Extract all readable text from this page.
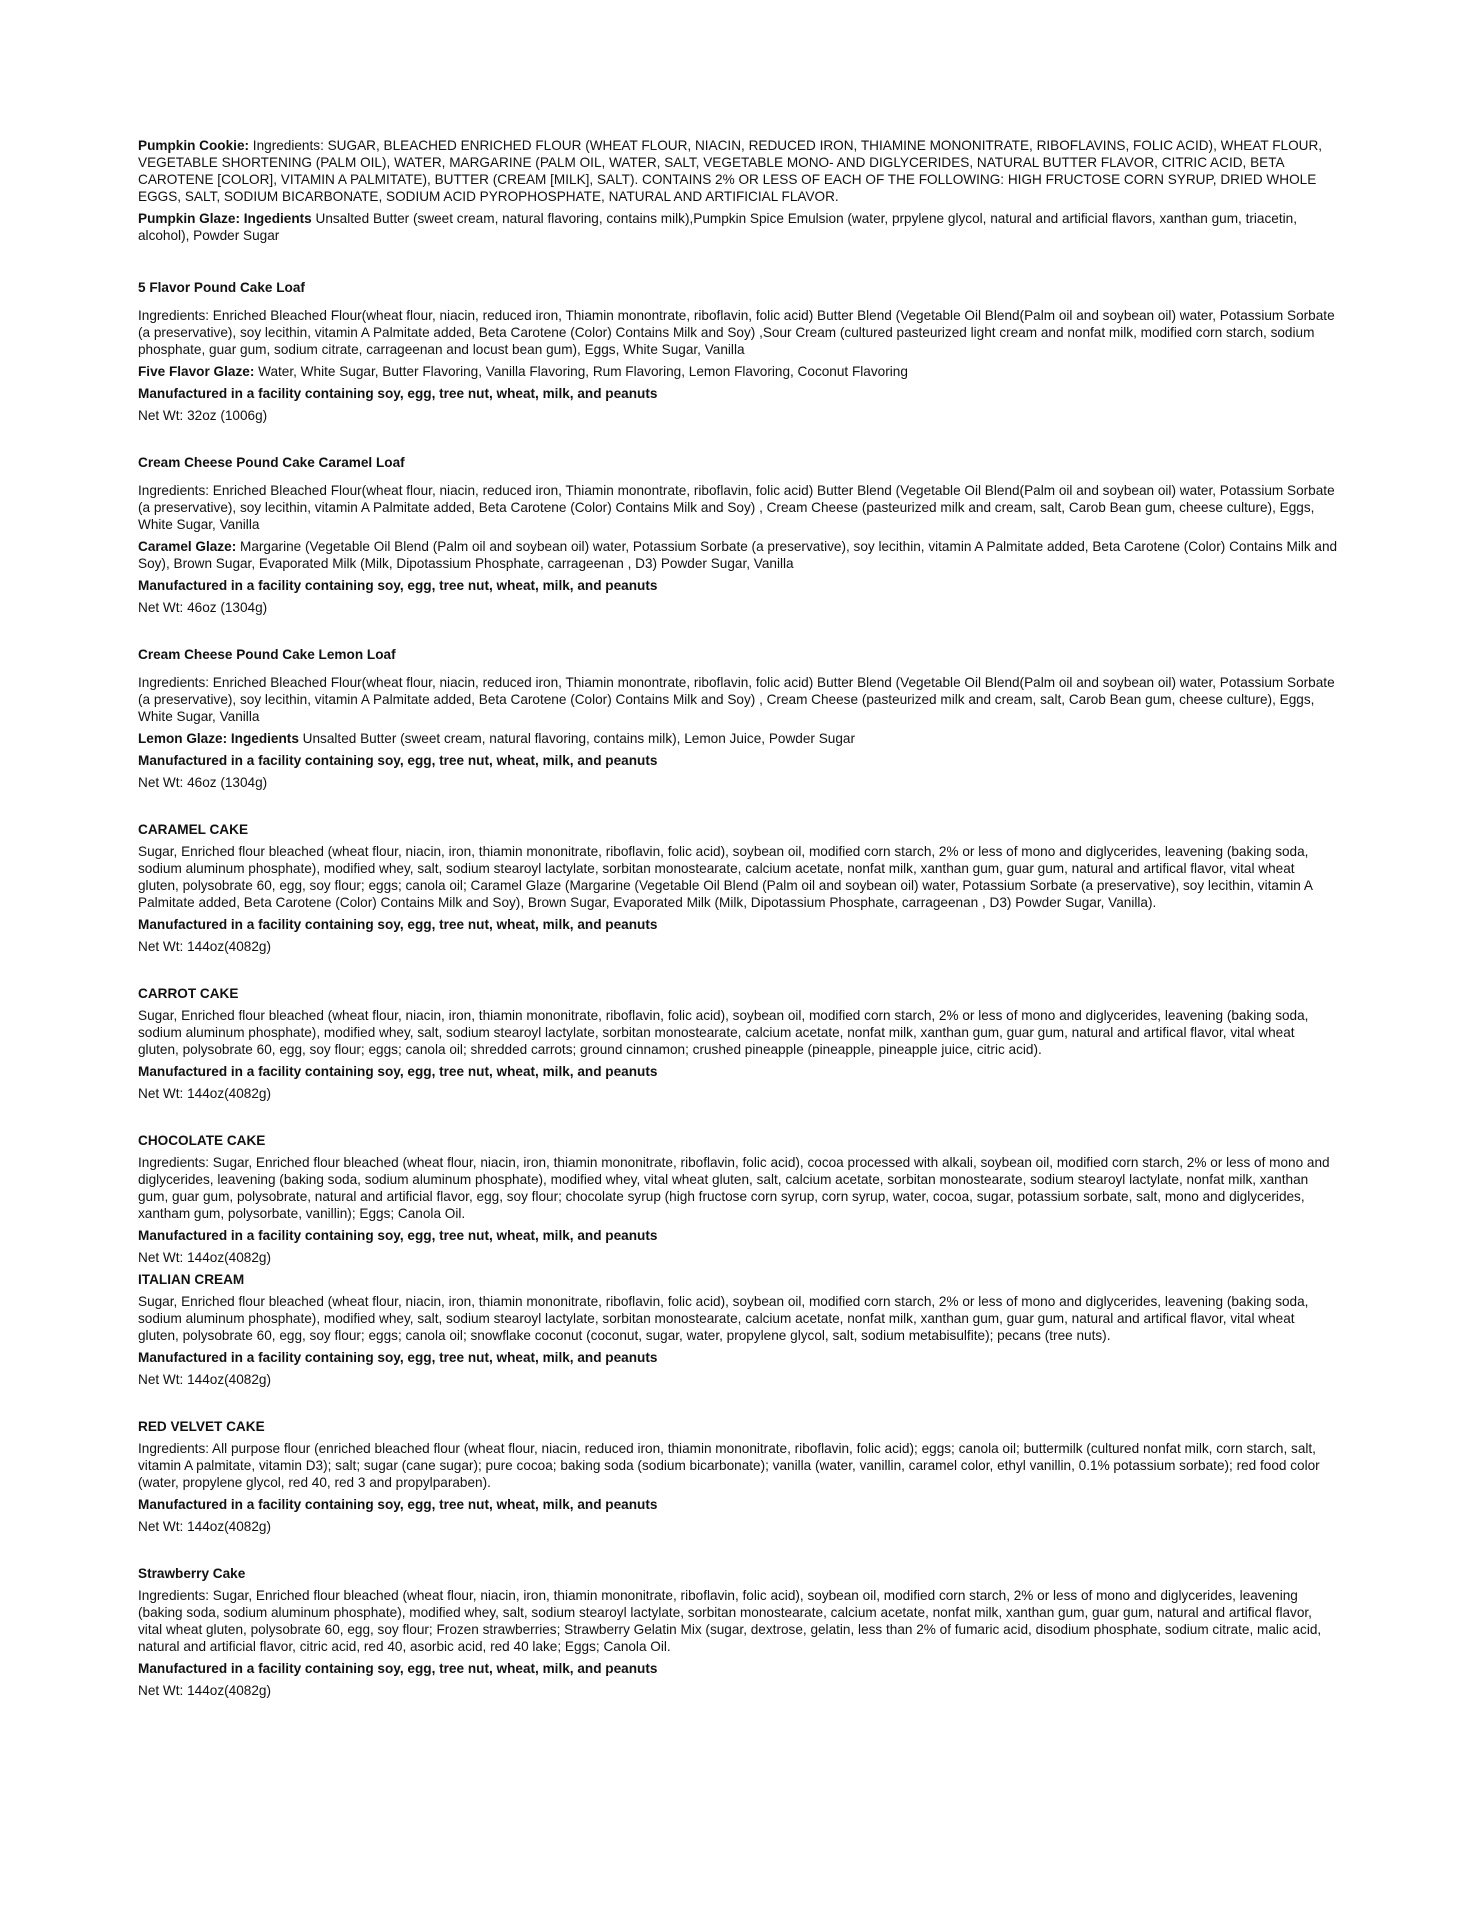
Pumpkin Cookie: Ingredients: SUGAR, BLEACHED ENRICHED FLOUR (WHEAT FLOUR, NIACIN, REDUCED IRON, THIAMINE MONONITRATE, RIBOFLAVINS, FOLIC ACID), WHEAT FLOUR, VEGETABLE SHORTENING (PALM OIL), WATER, MARGARINE (PALM OIL, WATER, SALT, VEGETABLE MONO- AND DIGLYCERIDES, NATURAL BUTTER FLAVOR, CITRIC ACID, BETA CAROTENE [COLOR], VITAMIN A PALMITATE), BUTTER (CREAM [MILK], SALT). CONTAINS 2% OR LESS OF EACH OF THE FOLLOWING: HIGH FRUCTOSE CORN SYRUP, DRIED WHOLE EGGS, SALT, SODIUM BICARBONATE, SODIUM ACID PYROPHOSPHATE, NATURAL AND ARTIFICIAL FLAVOR.

Pumpkin Glaze: Ingedients Unsalted Butter (sweet cream, natural flavoring, contains milk),Pumpkin Spice Emulsion (water, prpylene glycol, natural and artificial flavors, xanthan gum, triacetin, alcohol), Powder Sugar

5 Flavor Pound Cake Loaf

Ingredients: Enriched Bleached Flour(wheat flour, niacin, reduced iron, Thiamin monontrate, riboflavin, folic acid) Butter Blend (Vegetable Oil Blend(Palm oil and soybean oil) water, Potassium Sorbate (a preservative), soy lecithin, vitamin A Palmitate added, Beta Carotene (Color) Contains Milk and Soy) ,Sour Cream (cultured pasteurized light cream and nonfat milk, modified corn starch, sodium phosphate, guar gum, sodium citrate, carrageenan and locust bean gum), Eggs, White Sugar, Vanilla

Five Flavor Glaze: Water, White Sugar, Butter Flavoring, Vanilla Flavoring, Rum Flavoring, Lemon Flavoring, Coconut Flavoring

Manufactured in a facility containing soy, egg, tree nut, wheat, milk, and peanuts

Net Wt: 32oz (1006g)

Cream Cheese Pound Cake Caramel Loaf

Ingredients: Enriched Bleached Flour(wheat flour, niacin, reduced iron, Thiamin monontrate, riboflavin, folic acid) Butter Blend (Vegetable Oil Blend(Palm oil and soybean oil) water, Potassium Sorbate (a preservative), soy lecithin, vitamin A Palmitate added, Beta Carotene (Color) Contains Milk and Soy) , Cream Cheese (pasteurized milk and cream, salt, Carob Bean gum, cheese culture), Eggs, White Sugar, Vanilla

Caramel Glaze: Margarine (Vegetable Oil Blend (Palm oil and soybean oil) water, Potassium Sorbate (a preservative), soy lecithin, vitamin A Palmitate added, Beta Carotene (Color) Contains Milk and Soy), Brown Sugar, Evaporated Milk (Milk, Dipotassium Phosphate, carrageenan , D3) Powder Sugar, Vanilla

Manufactured in a facility containing soy, egg, tree nut, wheat, milk, and peanuts

Net Wt: 46oz (1304g)

Cream Cheese Pound Cake Lemon Loaf

Ingredients: Enriched Bleached Flour(wheat flour, niacin, reduced iron, Thiamin monontrate, riboflavin, folic acid) Butter Blend (Vegetable Oil Blend(Palm oil and soybean oil) water, Potassium Sorbate (a preservative), soy lecithin, vitamin A Palmitate added, Beta Carotene (Color) Contains Milk and Soy) , Cream Cheese (pasteurized milk and cream, salt, Carob Bean gum, cheese culture), Eggs, White Sugar, Vanilla

Lemon Glaze: Ingedients Unsalted Butter (sweet cream, natural flavoring, contains milk), Lemon Juice, Powder Sugar

Manufactured in a facility containing soy, egg, tree nut, wheat, milk, and peanuts

Net Wt: 46oz (1304g)

CARAMEL CAKE

Sugar, Enriched flour bleached (wheat flour, niacin, iron, thiamin mononitrate, riboflavin, folic acid), soybean oil, modified corn starch, 2% or less of mono and diglycerides, leavening (baking soda, sodium aluminum phosphate), modified whey, salt, sodium stearoyl lactylate, sorbitan monostearate, calcium acetate, nonfat milk, xanthan gum, guar gum, natural and artifical flavor, vital wheat gluten, polysobrate 60, egg, soy flour; eggs; canola oil; Caramel Glaze (Margarine (Vegetable Oil Blend (Palm oil and soybean oil) water, Potassium Sorbate (a preservative), soy lecithin, vitamin A Palmitate added, Beta Carotene (Color) Contains Milk and Soy), Brown Sugar, Evaporated Milk (Milk, Dipotassium Phosphate, carrageenan , D3) Powder Sugar, Vanilla).

Manufactured in a facility containing soy, egg, tree nut, wheat, milk, and peanuts

Net Wt: 144oz(4082g)

CARROT CAKE

Sugar, Enriched flour bleached (wheat flour, niacin, iron, thiamin mononitrate, riboflavin, folic acid), soybean oil, modified corn starch, 2% or less of mono and diglycerides, leavening (baking soda, sodium aluminum phosphate), modified whey, salt, sodium stearoyl lactylate, sorbitan monostearate, calcium acetate, nonfat milk, xanthan gum, guar gum, natural and artifical flavor, vital wheat gluten, polysobrate 60, egg, soy flour; eggs; canola oil; shredded carrots; ground cinnamon; crushed pineapple (pineapple, pineapple juice, citric acid).

Manufactured in a facility containing soy, egg, tree nut, wheat, milk, and peanuts

Net Wt: 144oz(4082g)

CHOCOLATE CAKE

Ingredients: Sugar, Enriched flour bleached (wheat flour, niacin, iron, thiamin mononitrate, riboflavin, folic acid), cocoa processed with alkali, soybean oil, modified corn starch, 2% or less of mono and diglycerides, leavening (baking soda, sodium aluminum phosphate), modified whey, vital wheat gluten, salt, calcium acetate, sorbitan monostearate, sodium stearoyl lactylate, nonfat milk, xanthan gum, guar gum, polysobrate, natural and artificial flavor, egg, soy flour; chocolate syrup (high fructose corn syrup, corn syrup, water, cocoa, sugar, potassium sorbate, salt, mono and diglycerides, xantham gum, polysorbate, vanillin); Eggs; Canola Oil.

Manufactured in a facility containing soy, egg, tree nut, wheat, milk, and peanuts

Net Wt: 144oz(4082g)

ITALIAN CREAM

Sugar, Enriched flour bleached (wheat flour, niacin, iron, thiamin mononitrate, riboflavin, folic acid), soybean oil, modified corn starch, 2% or less of mono and diglycerides, leavening (baking soda, sodium aluminum phosphate), modified whey, salt, sodium stearoyl lactylate, sorbitan monostearate, calcium acetate, nonfat milk, xanthan gum, guar gum, natural and artifical flavor, vital wheat gluten, polysobrate 60, egg, soy flour; eggs; canola oil; snowflake coconut (coconut, sugar, water, propylene glycol, salt, sodium metabisulfite); pecans (tree nuts).

Manufactured in a facility containing soy, egg, tree nut, wheat, milk, and peanuts

Net Wt: 144oz(4082g)

RED VELVET CAKE

Ingredients: All purpose flour (enriched bleached flour (wheat flour, niacin, reduced iron, thiamin mononitrate, riboflavin, folic acid); eggs; canola oil; buttermilk (cultured nonfat milk, corn starch, salt, vitamin A palmitate, vitamin D3); salt; sugar (cane sugar); pure cocoa; baking soda (sodium bicarbonate); vanilla (water, vanillin, caramel color, ethyl vanillin, 0.1% potassium sorbate); red food color (water, propylene glycol, red 40, red 3 and propylparaben).

Manufactured in a facility containing soy, egg, tree nut, wheat, milk, and peanuts

Net Wt: 144oz(4082g)

Strawberry Cake

Ingredients: Sugar, Enriched flour bleached (wheat flour, niacin, iron, thiamin mononitrate, riboflavin, folic acid), soybean oil, modified corn starch, 2% or less of mono and diglycerides, leavening (baking soda, sodium aluminum phosphate), modified whey, salt, sodium stearoyl lactylate, sorbitan monostearate, calcium acetate, nonfat milk, xanthan gum, guar gum, natural and artifical flavor, vital wheat gluten, polysobrate 60, egg, soy flour; Frozen strawberries; Strawberry Gelatin Mix (sugar, dextrose, gelatin, less than 2% of fumaric acid, disodium phosphate, sodium citrate, malic acid, natural and artificial flavor, citric acid, red 40, asorbic acid, red 40 lake; Eggs; Canola Oil.

Manufactured in a facility containing soy, egg, tree nut, wheat, milk, and peanuts

Net Wt: 144oz(4082g)
